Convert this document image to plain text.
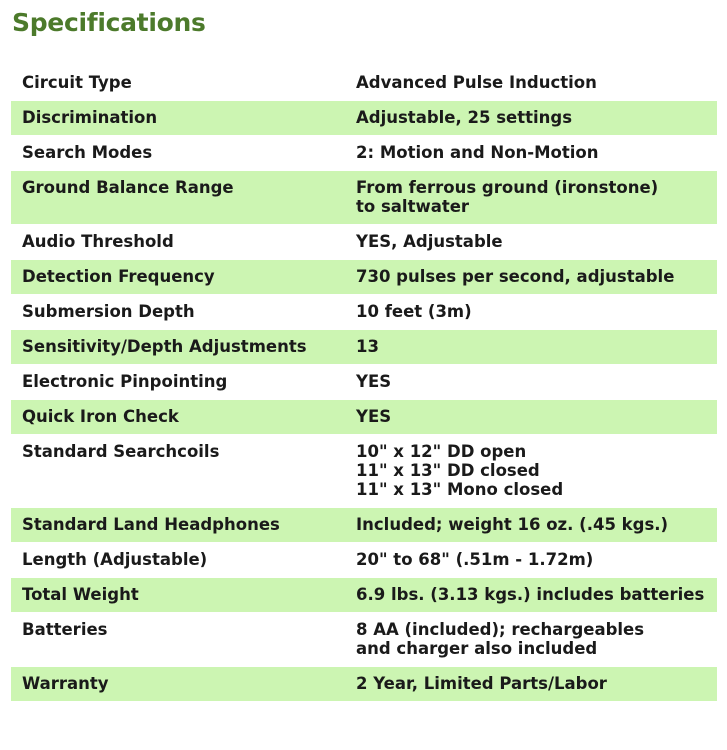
Specifications
Circuit Type	Advanced Pulse Induction

Discrimination	Adjustable, 25 settings

Search Modes	2: Motion and Non-Motion

Ground Balance Range	From ferrous ground (ironstone)
to saltwater

Audio Threshold	YES, Adjustable

Detection Frequency	730 pulses per second, adjustable

Submersion Depth	10 feet (3m)

Sensitivity/Depth Adjustments	13

Electronic Pinpointing	YES

Quick Iron Check	YES

Standard Searchcoils	10" x 12" DD open
11" x 13" DD closed
11" x 13" Mono closed

Standard Land Headphones	Included; weight 16 oz. (.45 kgs.)

Length (Adjustable)	20" to 68" (.51m - 1.72m)

Total Weight	6.9 lbs. (3.13 kgs.) includes batteries

Batteries	8 AA (included); rechargeables
and charger also included

Warranty	2 Year, Limited Parts/Labor
